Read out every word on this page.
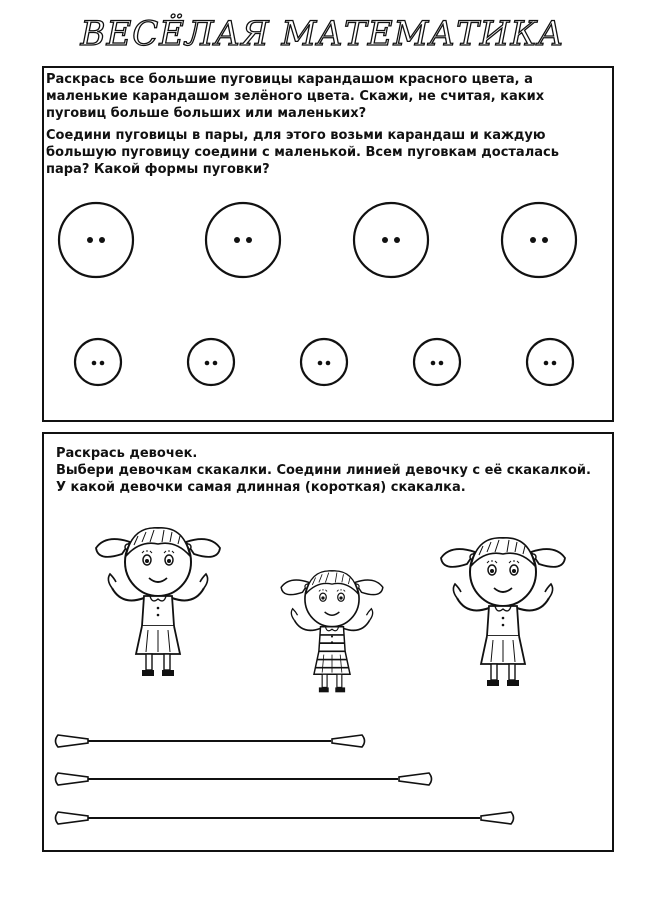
ВЕСЁЛАЯ МАТЕМАТИКА

Раскрась все большие пуговицы карандашом красного цвета, а маленькие карандашом зелёного цвета. Скажи, не считая, каких пуговиц больше больших или маленьких?

Соедини пуговицы в пары, для этого возьми карандаш и каждую большую пуговицу соедини с маленькой. Всем пуговкам досталась пара? Какой формы пуговки?

Раскрась девочек.

Выбери девочкам скакалки. Соедини линией девочку с её скакалкой.

У какой девочки самая длинная (короткая) скакалка.
